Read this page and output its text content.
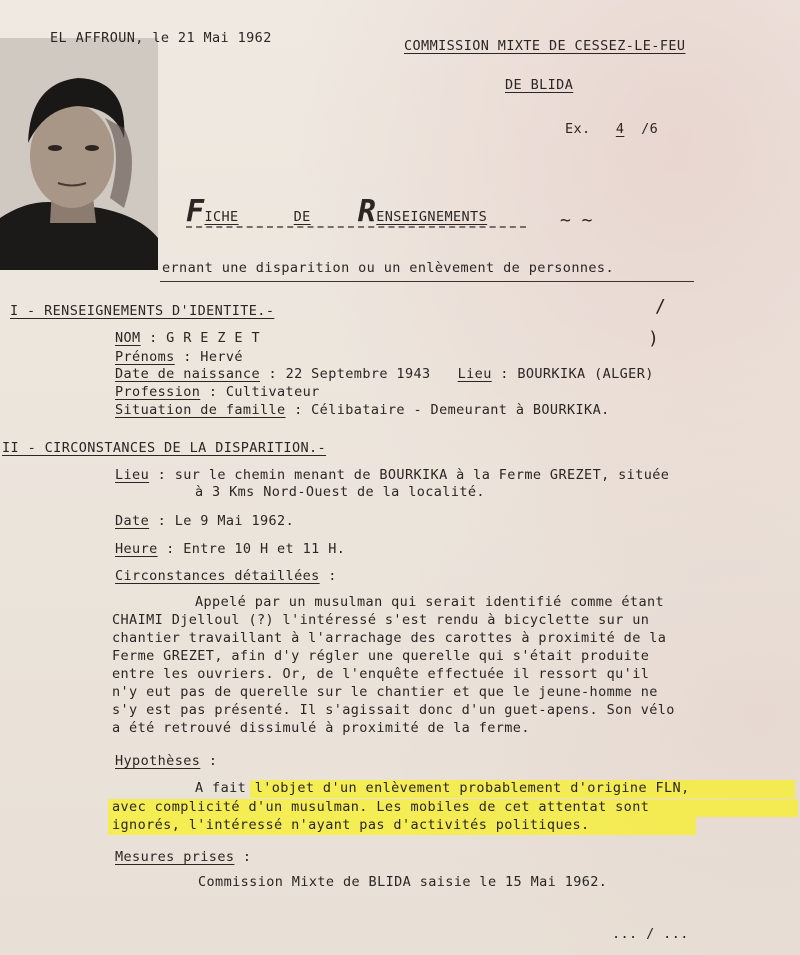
EL AFFROUN, le 21 Mai 1962	COMMISSION MIXTE DE CESSEZ-LE-FEU
DE BLIDA
Ex. 4 /6
FICHE	DE RENSEIGNEMENTS	~ ~
ernant une disparition ou un enlèvement de personnes.
I - RENSEIGNEMENTS D'IDENTITE.-	/
)
NOM : G R E Z E T
Prénoms : Hervé
Date de naissance : 22 Septembre 1943 Lieu : BOURKIKA (ALGER)
Profession : Cultivateur
Situation de famille : Célibataire - Demeurant à BOURKIKA.
II - CIRCONSTANCES DE LA DISPARITION.-
Lieu : sur le chemin menant de BOURKIKA à la Ferme GREZET, située
à 3 Kms Nord-Ouest de la localité.
Date : Le 9 Mai 1962.
Heure : Entre 10 H et 11 H.
Circonstances détaillées :
Appelé par un musulman qui serait identifié comme étant
CHAIMI Djelloul (?) l'intéressé s'est rendu à bicyclette sur un
chantier travaillant à l'arrachage des carottes à proximité de la
Ferme GREZET, afin d'y régler une querelle qui s'était produite
entre les ouvriers. Or, de l'enquête effectuée il ressort qu'il
n'y eut pas de querelle sur le chantier et que le jeune-homme ne
s'y est pas présenté. Il s'agissait donc d'un guet-apens. Son vélo
a été retrouvé dissimulé à proximité de la ferme.
Hypothèses :
A fait l'objet d'un enlèvement probablement d'origine FLN,
avec complicité d'un musulman. Les mobiles de cet attentat sont
ignorés, l'intéressé n'ayant pas d'activités politiques.
Mesures prises :
Commission Mixte de BLIDA saisie le 15 Mai 1962.
... / ...
